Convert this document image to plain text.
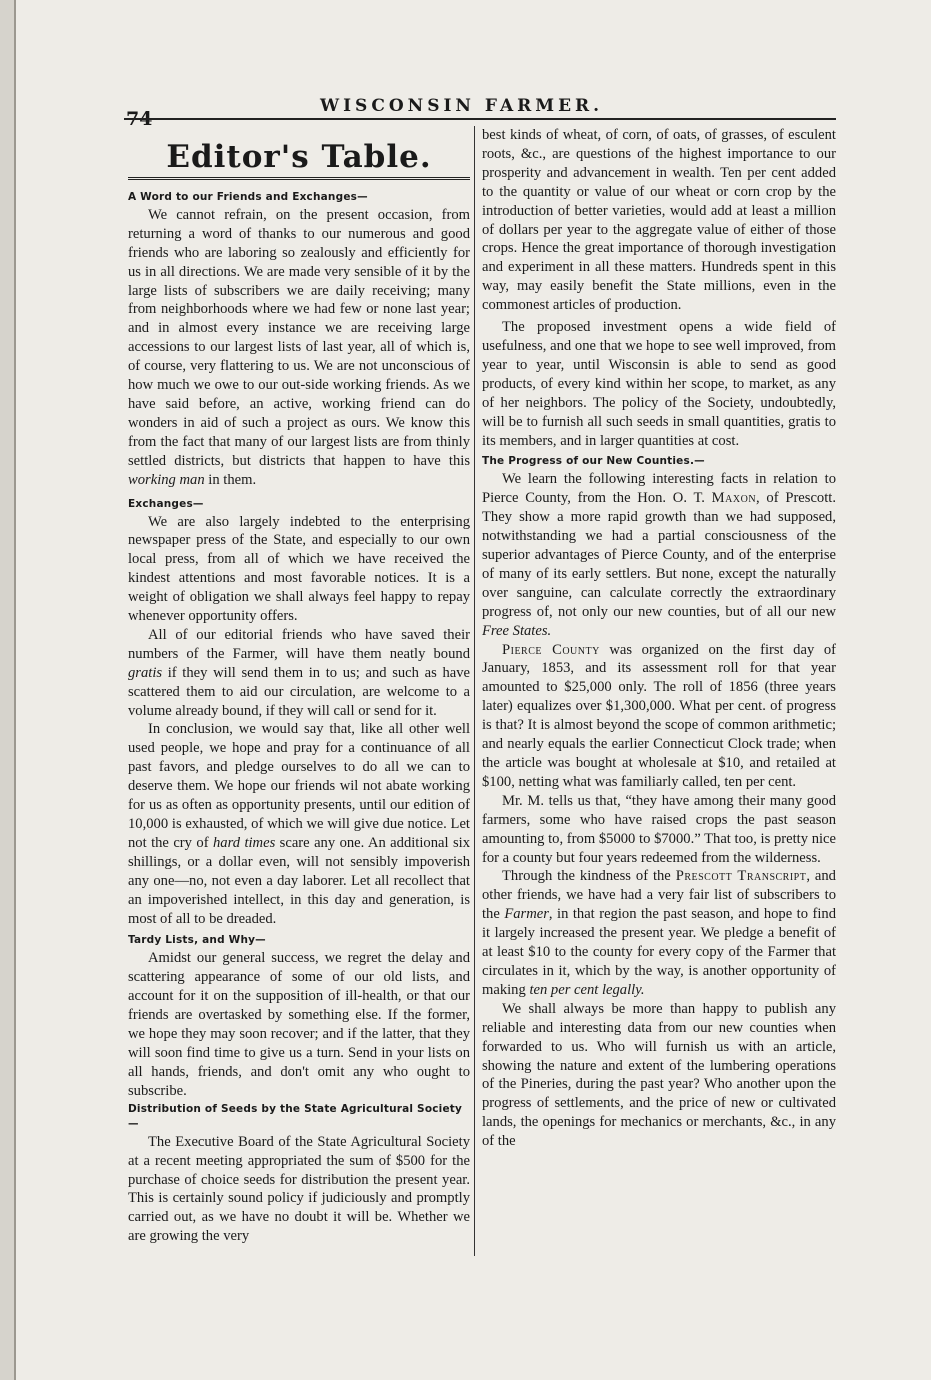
74
WISCONSIN FARMER.
Editor's Table.
A Word to our Friends and Exchanges—

We cannot refrain, on the present occasion, from returning a word of thanks to our numerous and good friends who are laboring so zealously and efficiently for us in all directions. We are made very sensible of it by the large lists of subscribers we are daily receiving; many from neighborhoods where we had few or none last year; and in almost every instance we are receiving large accessions to our largest lists of last year, all of which is, of course, very flattering to us. We are not unconscious of how much we owe to our out-side working friends. As we have said before, an active, working friend can do wonders in aid of such a project as ours. We know this from the fact that many of our largest lists are from thinly settled districts, but districts that happen to have this working man in them.

Exchanges—

We are also largely indebted to the enterprising newspaper press of the State, and especially to our own local press, from all of which we have received the kindest attentions and most favorable notices. It is a weight of obligation we shall always feel happy to repay whenever opportunity offers.

All of our editorial friends who have saved their numbers of the Farmer, will have them neatly bound gratis if they will send them in to us; and such as have scattered them to aid our circulation, are welcome to a volume already bound, if they will call or send for it.

In conclusion, we would say that, like all other well used people, we hope and pray for a continuance of all past favors, and pledge ourselves to do all we can to deserve them. We hope our friends wil not abate working for us as often as opportunity presents, until our edition of 10,000 is exhausted, of which we will give due notice. Let not the cry of hard times scare any one. An additional six shillings, or a dollar even, will not sensibly impoverish any one—no, not even a day laborer. Let all recollect that an impoverished intellect, in this day and generation, is most of all to be dreaded.

Tardy Lists, and Why—

Amidst our general success, we regret the delay and scattering appearance of some of our old lists, and account for it on the supposition of ill-health, or that our friends are overtasked by something else. If the former, we hope they may soon recover; and if the latter, that they will soon find time to give us a turn. Send in your lists on all hands, friends, and don't omit any who ought to subscribe.

Distribution of Seeds by the State Agricultural Society—

The Executive Board of the State Agricultural Society at a recent meeting appropriated the sum of $500 for the purchase of choice seeds for distribution the present year. This is certainly sound policy if judiciously and promptly carried out, as we have no doubt it will be. Whether we are growing the very

best kinds of wheat, of corn, of oats, of grasses, of esculent roots, &c., are questions of the highest importance to our prosperity and advancement in wealth. Ten per cent added to the quantity or value of our wheat or corn crop by the introduction of better varieties, would add at least a million of dollars per year to the aggregate value of either of those crops. Hence the great importance of thorough investigation and experiment in all these matters. Hundreds spent in this way, may easily benefit the State millions, even in the commonest articles of production.

The proposed investment opens a wide field of usefulness, and one that we hope to see well improved, from year to year, until Wisconsin is able to send as good products, of every kind within her scope, to market, as any of her neighbors. The policy of the Society, undoubtedly, will be to furnish all such seeds in small quantities, gratis to its members, and in larger quantities at cost.

The Progress of our New Counties.—

We learn the following interesting facts in relation to Pierce County, from the Hon. O. T. Maxon, of Prescott. They show a more rapid growth than we had supposed, notwithstanding we had a partial consciousness of the superior advantages of Pierce County, and of the enterprise of many of its early settlers. But none, except the naturally over sanguine, can calculate correctly the extraordinary progress of, not only our new counties, but of all our new Free States.

Pierce County was organized on the first day of January, 1853, and its assessment roll for that year amounted to $25,000 only. The roll of 1856 (three years later) equalizes over $1,300,000. What per cent. of progress is that? It is almost beyond the scope of common arithmetic; and nearly equals the earlier Connecticut Clock trade; when the article was bought at wholesale at $10, and retailed at $100, netting what was familiarly called, ten per cent.

Mr. M. tells us that, “they have among their many good farmers, some who have raised crops the past season amounting to, from $5000 to $7000.” That too, is pretty nice for a county but four years redeemed from the wilderness.

Through the kindness of the Prescott Transcript, and other friends, we have had a very fair list of subscribers to the Farmer, in that region the past season, and hope to find it largely increased the present year. We pledge a benefit of at least $10 to the county for every copy of the Farmer that circulates in it, which by the way, is another opportunity of making ten per cent legally.

We shall always be more than happy to publish any reliable and interesting data from our new counties when forwarded to us. Who will furnish us with an article, showing the nature and extent of the lumbering operations of the Pineries, during the past year? Who another upon the progress of settlements, and the price of new or cultivated lands, the openings for mechanics or merchants, &c., in any of the
